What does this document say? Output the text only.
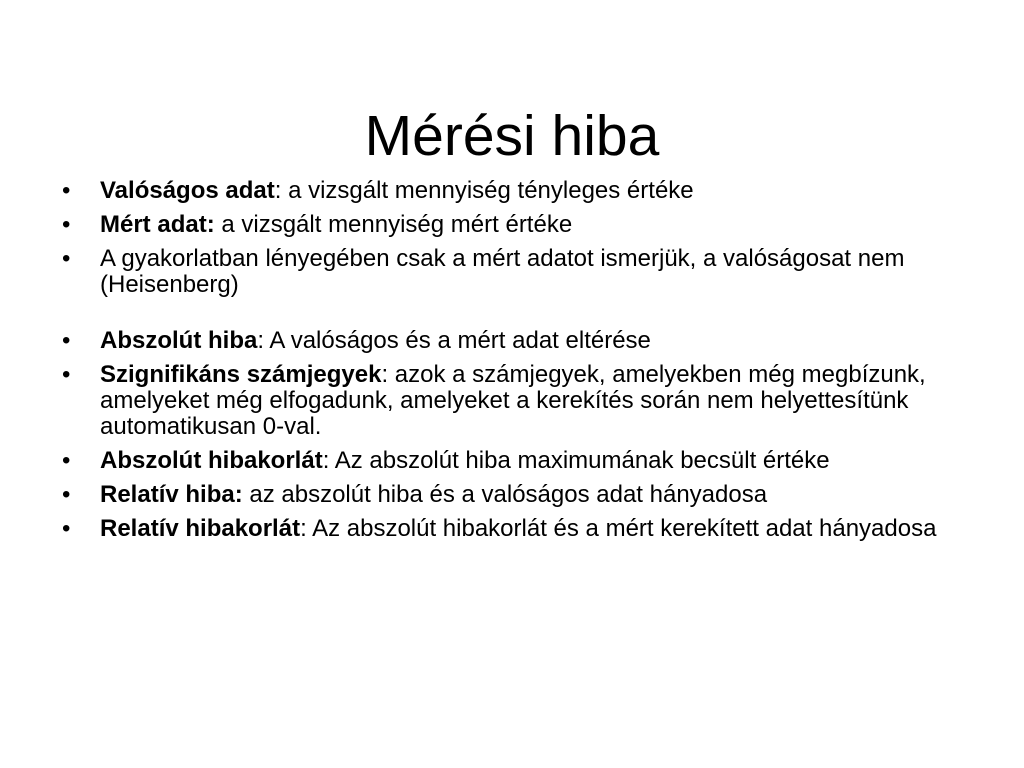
Mérési hiba
• Valóságos adat: a vizsgált mennyiség tényleges értéke
• Mért adat: a vizsgált mennyiség mért értéke
• A gyakorlatban lényegében csak a mért adatot ismerjük, a valóságosat nem (Heisenberg)
• Abszolút hiba: A valóságos és a mért adat eltérése
• Szignifikáns számjegyek: azok a számjegyek, amelyekben még megbízunk, amelyeket még elfogadunk, amelyeket a kerekítés során nem helyettesítünk automatikusan 0-val.
• Abszolút hibakorlát: Az abszolút hiba maximumának becsült értéke
• Relatív hiba: az abszolút hiba és a valóságos adat hányadosa
• Relatív hibakorlát: Az abszolút hibakorlát és a mért kerekített adat hányadosa
